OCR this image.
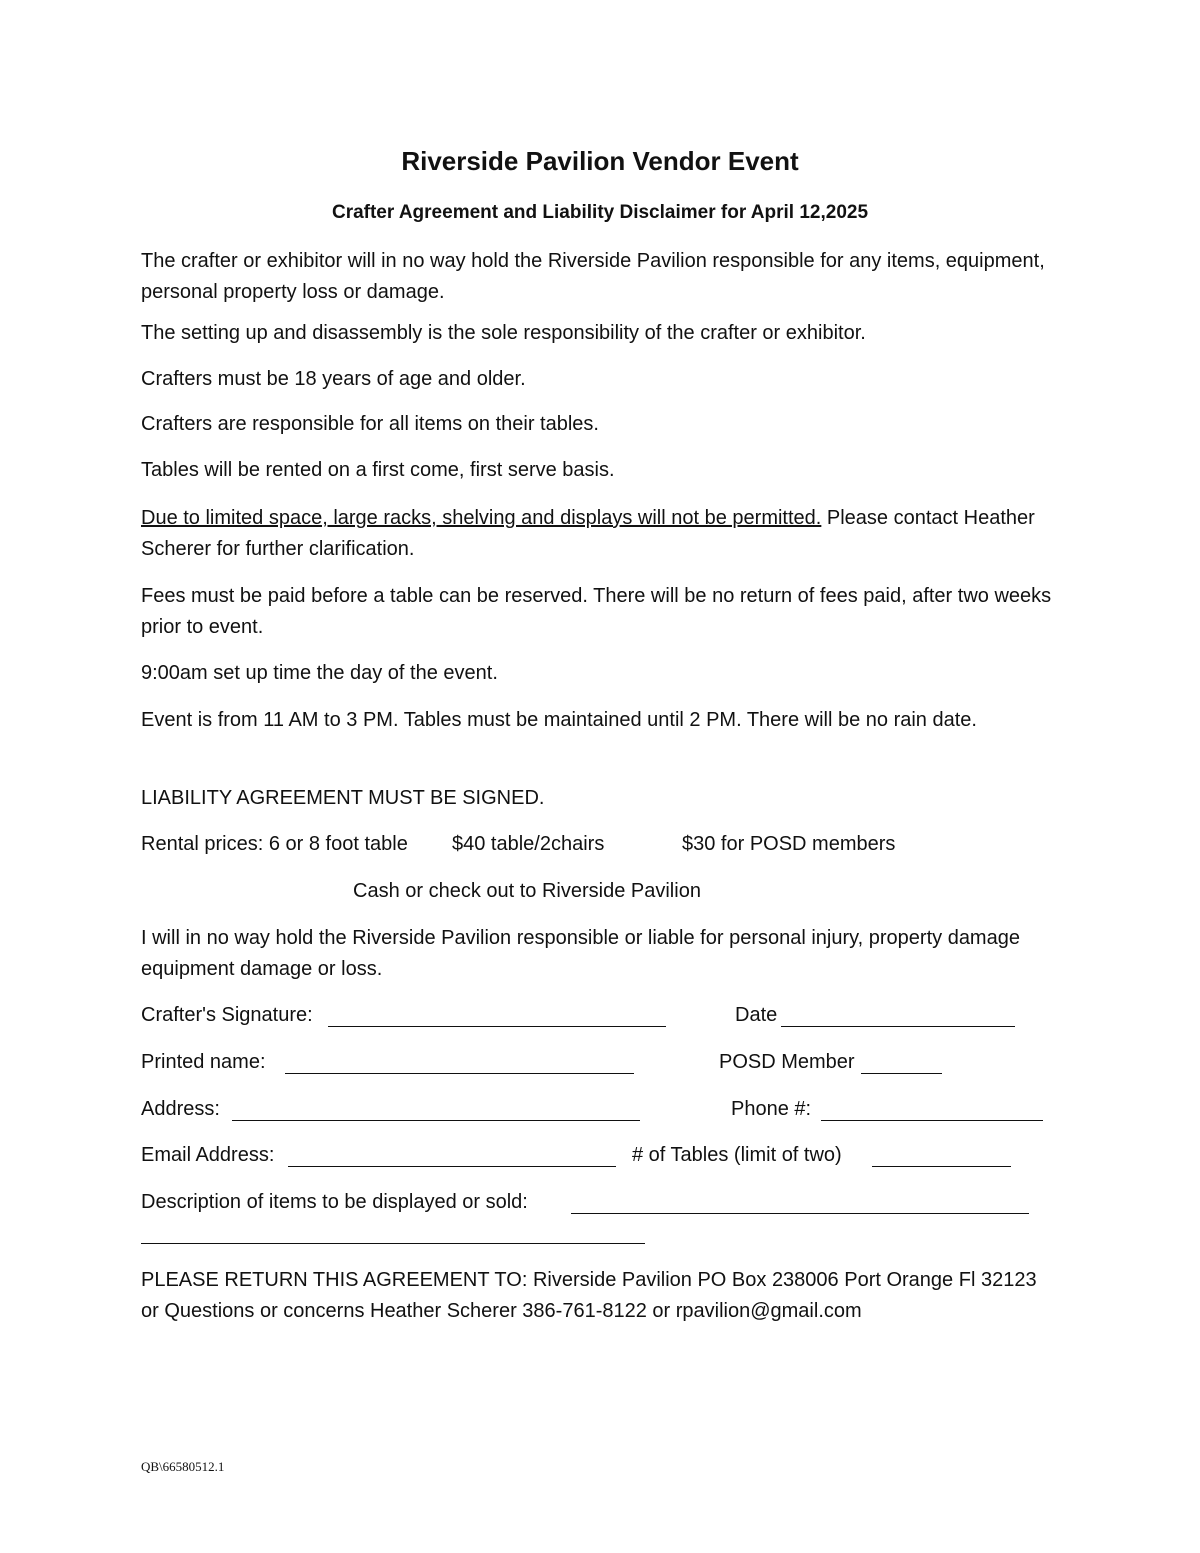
Riverside Pavilion Vendor Event
Crafter Agreement and Liability Disclaimer for April 12,2025

The crafter or exhibitor will in no way hold the Riverside Pavilion responsible for any items, equipment, personal property loss or damage.

The setting up and disassembly is the sole responsibility of the crafter or exhibitor.

Crafters must be 18 years of age and older.

Crafters are responsible for all items on their tables.

Tables will be rented on a first come, first serve basis.

Due to limited space, large racks, shelving and displays will not be permitted. Please contact Heather Scherer for further clarification.

Fees must be paid before a table can be reserved. There will be no return of fees paid, after two weeks prior to event.

9:00am set up time the day of the event.

Event is from 11 AM to 3 PM. Tables must be maintained until 2 PM. There will be no rain date.

LIABILITY AGREEMENT MUST BE SIGNED.

Rental prices: 6 or 8 foot table $40 table/2chairs	$30 for POSD members
Cash or check out to Riverside Pavilion

I will in no way hold the Riverside Pavilion responsible or liable for personal injury, property damage equipment damage or loss.

Crafter's Signature:	Date
Printed name:	POSD Member
Address:	Phone #:
Email Address:	# of Tables (limit of two)
Description of items to be displayed or sold:

PLEASE RETURN THIS AGREEMENT TO: Riverside Pavilion PO Box 238006 Port Orange Fl 32123

or Questions or concerns Heather Scherer 386-761-8122 or rpavilion@gmail.com

QB\66580512.1
